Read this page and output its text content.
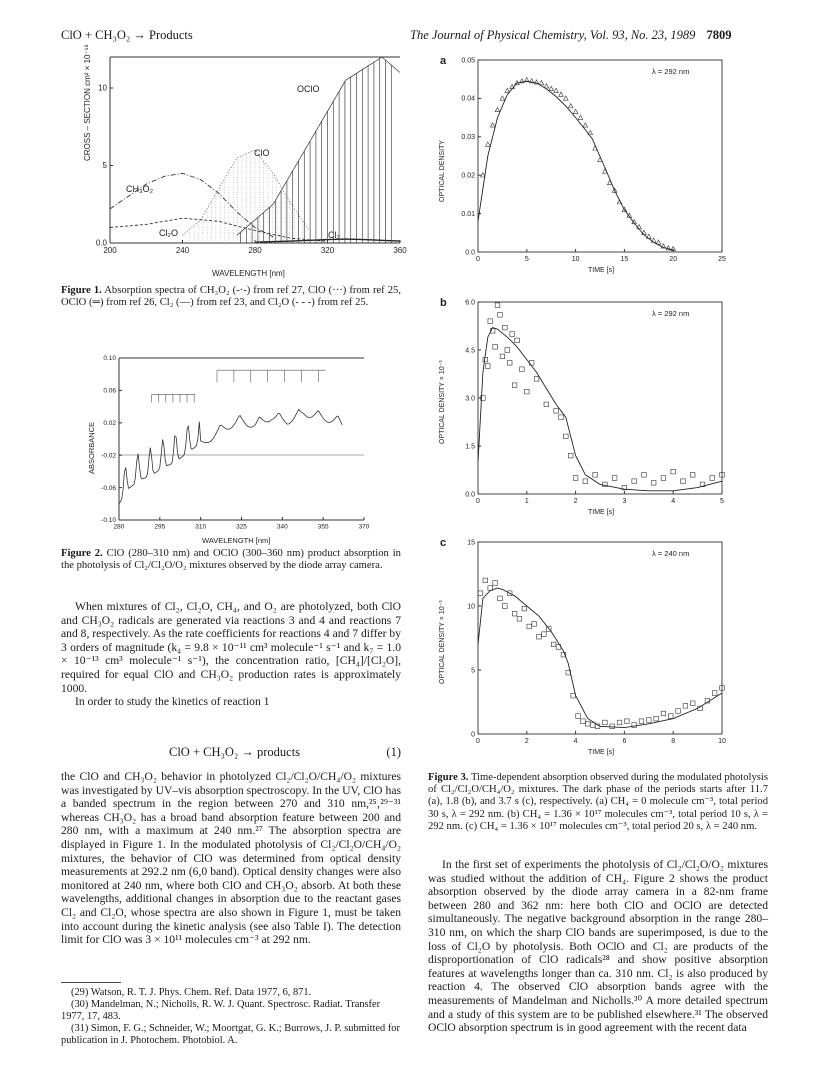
ClO + CH₃O₂ → Products	The Journal of Physical Chemistry, Vol. 93, No. 23, 1989 7809
200	240	280	320	360
0.0
5
10
CROSS – SECTION cm² × 10⁻¹⁸
WAVELENGTH [nm]
OClO
ClO
CH₃O₂
Cl₂O	Cl₂
Figure 1. Absorption spectra of CH₃O₂ (-·-) from ref 27, ClO (···) from ref 25, OClO (═) from ref 26, Cl₂ (—) from ref 23, and Cl₂O (- - -) from ref 25.
280	295	310	325	340	355	370
0.10
0.06
0.02
-0.02
-0.06
-0.10
ABSORBANCE
WAVELENGTH [nm]
Figure 2. ClO (280–310 nm) and OClO (300–360 nm) product absorption in the photolysis of Cl₂/Cl₂O/O₂ mixtures observed by the diode array camera.

When mixtures of Cl₂, Cl₂O, CH₄, and O₂ are photolyzed, both ClO and CH₃O₂ radicals are generated via reactions 3 and 4 and reactions 7 and 8, respectively. As the rate coefficients for reactions 4 and 7 differ by 3 orders of magnitude (k₄ = 9.8 × 10⁻¹¹ cm³ molecule⁻¹ s⁻¹ and k₇ = 1.0 × 10⁻¹³ cm³ molecule⁻¹ s⁻¹), the concentration ratio, [CH₄]/[Cl₂O], required for equal ClO and CH₃O₂ production rates is approximately 1000.

In order to study the kinetics of reaction 1

ClO + CH₃O₂ → products	(1)

the ClO and CH₃O₂ behavior in photolyzed Cl₂/Cl₂O/CH₄/O₂ mixtures was investigated by UV–vis absorption spectroscopy. In the UV, ClO has a banded spectrum in the region between 270 and 310 nm,²⁵‚²⁹⁻³¹ whereas CH₃O₂ has a broad band absorption feature between 200 and 280 nm, with a maximum at 240 nm.²⁷ The absorption spectra are displayed in Figure 1. In the modulated photolysis of Cl₂/Cl₂O/CH₄/O₂ mixtures, the behavior of ClO was determined from optical density measurements at 292.2 nm (6,0 band). Optical density changes were also monitored at 240 nm, where both ClO and CH₃O₂ absorb. At both these wavelengths, additional changes in absorption due to the reactant gases Cl₂ and Cl₂O, whose spectra are also shown in Figure 1, must be taken into account during the kinetic analysis (see also Table I). The detection limit for ClO was 3 × 10¹¹ molecules cm⁻³ at 292 nm.

(29) Watson, R. T. J. Phys. Chem. Ref. Data 1977, 6, 871.
(30) Mandelman, N.; Nicholls, R. W. J. Quant. Spectrosc. Radiat. Transfer 1977, 17, 483.
(31) Simon, F. G.; Schneider, W.; Moortgat, G. K.; Burrows, J. P. submitted for publication in J. Photochem. Photobiol. A.
0	5	10	15	20	25
0.0
0.01
0.02
0.03
0.04
0.05
a
λ = 292 nm
OPTICAL DENSITY
TIME [s]
0	1	2	3	4	5
0.0
1.5
3.0
4.5
6.0
b
λ = 292 nm
OPTICAL DENSITY × 10⁻³
TIME [s]
0	2	4	6	8	10
0
5
10
15
c
λ = 240 nm
OPTICAL DENSITY × 10⁻³
TIME [s]
Figure 3. Time-dependent absorption observed during the modulated photolysis of Cl₂/Cl₂O/CH₄/O₂ mixtures. The dark phase of the periods starts after 11.7 (a), 1.8 (b), and 3.7 s (c), respectively. (a) CH₄ = 0 molecule cm⁻³, total period 30 s, λ = 292 nm. (b) CH₄ = 1.36 × 10¹⁷ molecules cm⁻³, total period 10 s, λ = 292 nm. (c) CH₄ = 1.36 × 10¹⁷ molecules cm⁻³, total period 20 s, λ = 240 nm.

In the first set of experiments the photolysis of Cl₂/Cl₂O/O₂ mixtures was studied without the addition of CH₄. Figure 2 shows the product absorption observed by the diode array camera in a 82-nm frame between 280 and 362 nm: here both ClO and OClO are detected simultaneously. The negative background absorption in the range 280–310 nm, on which the sharp ClO bands are superimposed, is due to the loss of Cl₂O by photolysis. Both OClO and Cl₂ are products of the disproportionation of ClO radicals²⁸ and show positive absorption features at wavelengths longer than ca. 310 nm. Cl₂ is also produced by reaction 4. The observed ClO absorption bands agree with the measurements of Mandelman and Nicholls.³⁰ A more detailed spectrum and a study of this system are to be published elsewhere.³¹ The observed OClO absorption spectrum is in good agreement with the recent data
